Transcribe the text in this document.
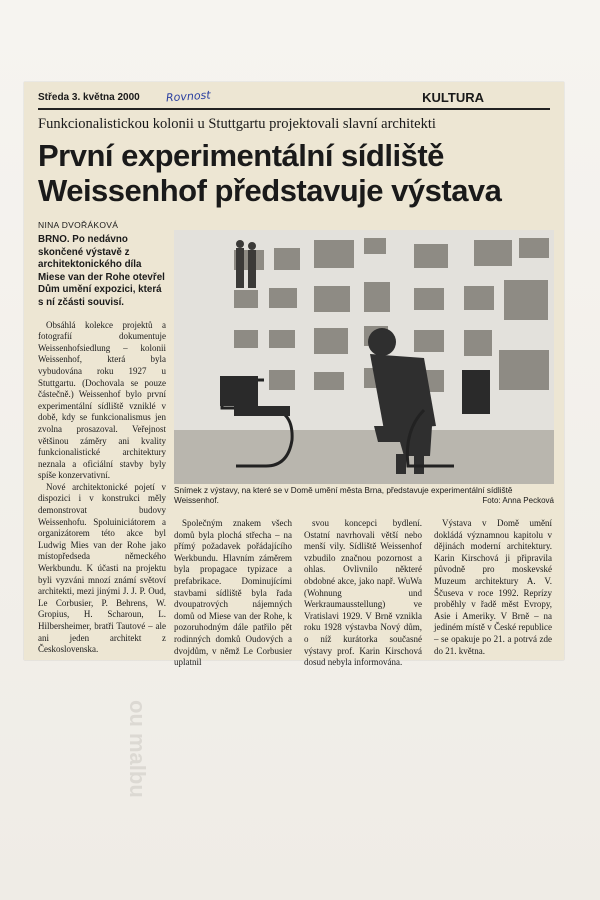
ou malbu
Středa 3. května 2000 Rovnost	KULTURA
Funkcionalistickou kolonii u Stuttgartu projektovali slavní architekti
První experimentální sídliště
Weissenhof představuje výstava
NINA DVOŘÁKOVÁ

BRNO. Po nedávno skončené výstavě z architektonického díla Miese van der Rohe otevřel Dům umění expozici, která s ní zčásti souvisí.

Obsáhlá kolekce projektů a fotografií dokumentuje Weissenhofsiedlung – kolonii Weissenhof, která byla vybudována roku 1927 u Stuttgartu. (Dochovala se pouze částečně.) Weissenhof bylo první experimentální sídliště vzniklé v době, kdy se funkcionalismus jen zvolna prosazoval. Veřejnost většinou záměry ani kvality funkcionalistické architektury neznala a oficiální stavby byly spíše konzervativní.

Nové architektonické pojetí v dispozici i v konstrukci měly demonstrovat budovy Weissenhofu. Spoluiniciátorem a organizátorem této akce byl Ludwig Mies van der Rohe jako místopředseda německého Werkbundu. K účasti na projektu byli vyzváni mnozí známí světoví architekti, mezi jinými J. J. P. Oud, Le Corbusier, P. Behrens, W. Gropius, H. Scharoun, L. Hilbersheimer, bratři Tautové – ale ani jeden architekt z Československa.

Snímek z výstavy, na které se v Domě umění města Brna, představuje experimentální sídliště Weissenhof.	Foto: Anna Pecková

Společným znakem všech domů byla plochá střecha – na přímý požadavek pořádajícího Werkbundu. Hlavním záměrem byla propagace typizace a prefabrikace. Dominujícími stavbami sídliště byla řada dvoupatrových nájemných domů od Miese van der Rohe, k pozoruhodným dále patřilo pět rodinných domků Oudových a dvojdům, v němž Le Corbusier uplatnil

svou koncepci bydlení. Ostatní navrhovali větší nebo menší vily. Sídliště Weissenhof vzbudilo značnou pozornost a ohlas. Ovlivnilo některé obdobné akce, jako např. WuWa (Wohnung und Werkraumausstellung) ve Vratislavi 1929. V Brně vznikla roku 1928 výstavba Nový dům, o níž kurátorka současné výstavy prof. Karin Kirschová dosud nebyla informována.

Výstava v Domě umění dokládá významnou kapitolu v dějinách moderní architektury. Karin Kirschová ji připravila původně pro moskevské Muzeum architektury A. V. Ščuseva v roce 1992. Reprízy proběhly v řadě měst Evropy, Asie i Ameriky. V Brně – na jediném místě v České republice – se opakuje po 21. a potrvá zde do 21. května.
